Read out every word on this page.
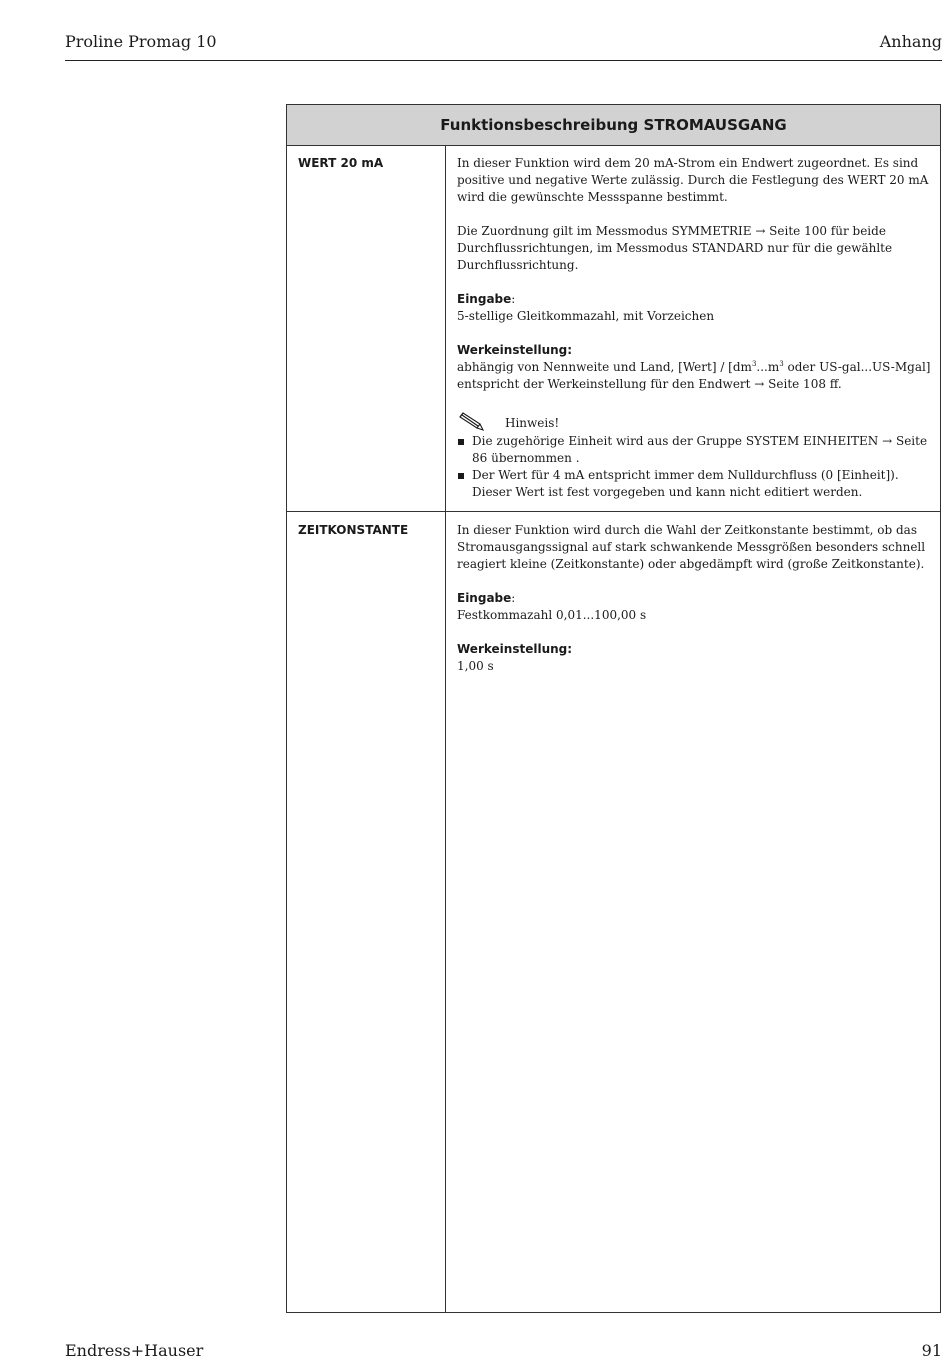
Proline Promag 10	Anhang
Funktionsbeschreibung STROMAUSGANG
WERT 20 mA	In dieser Funktion wird dem 20 mA-Strom ein Endwert zugeordnet. Es sind positive und negative Werte zulässig. Durch die Festlegung des WERT 20 mA wird die gewünschte Messspanne bestimmt.

Die Zuordnung gilt im Messmodus SYMMETRIE → Seite 100 für beide Durchflussrichtungen, im Messmodus STANDARD nur für die gewählte Durchflussrichtung.

Eingabe:
5-stellige Gleitkommazahl, mit Vorzeichen

Werkeinstellung:
abhängig von Nennweite und Land, [Wert] / [$dm^3...m^3$ oder US-gal...US-Mgal]
entspricht der Werkeinstellung für den Endwert → Seite 108 ff.

Hinweis!
Die zugehörige Einheit wird aus der Gruppe SYSTEM EINHEITEN → Seite 86 übernommen .
Der Wert für 4 mA entspricht immer dem Nulldurchfluss (0 [Einheit]).
Dieser Wert ist fest vorgegeben und kann nicht editiert werden.
ZEITKONSTANTE	In dieser Funktion wird durch die Wahl der Zeitkonstante bestimmt, ob das Stromausgangssignal auf stark schwankende Messgrößen besonders schnell reagiert kleine (Zeitkonstante) oder abgedämpft wird (große Zeitkonstante).

Eingabe:
Festkommazahl 0,01...100,00 s

Werkeinstellung:
1,00 s

Endress+Hauser	91
